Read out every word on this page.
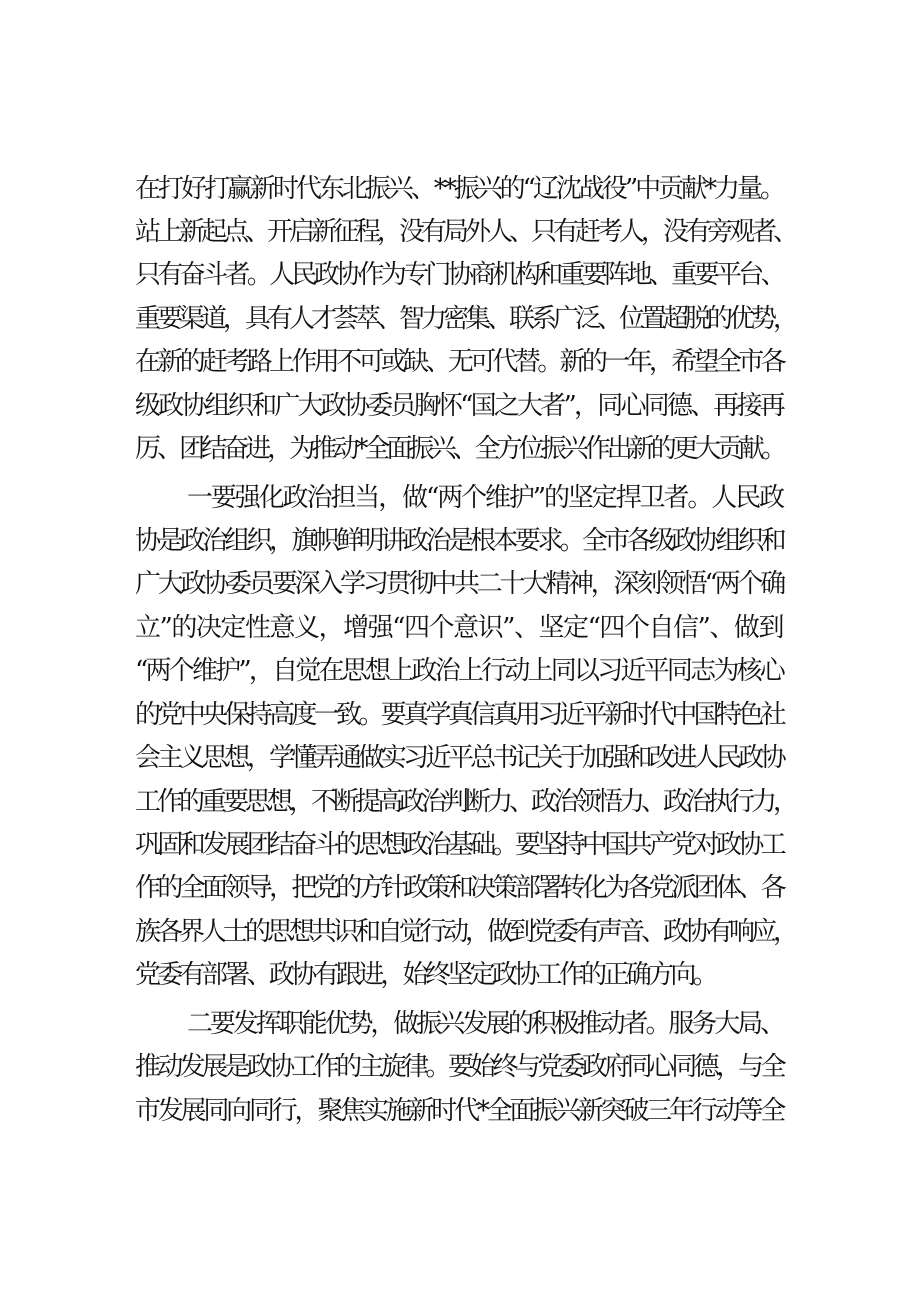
在打好打赢新时代东北振兴、**振兴的“辽沈战役”中贡献*力量。
站上新起点、开启新征程，没有局外人、只有赶考人，没有旁观者、
只有奋斗者。人民政协作为专门协商机构和重要阵地、重要平台、
重要渠道，具有人才荟萃、智力密集、联系广泛、位置超脱的优势，
在新的赶考路上作用不可或缺、无可代替。新的一年，希望全市各
级政协组织和广大政协委员胸怀“国之大者”，同心同德、再接再
厉、团结奋进，为推动*全面振兴、全方位振兴作出新的更大贡献。
一要强化政治担当，做“两个维护”的坚定捍卫者。人民政
协是政治组织，旗帜鲜明讲政治是根本要求。全市各级政协组织和
广大政协委员要深入学习贯彻中共二十大精神，深刻领悟“两个确
立”的决定性意义，增强“四个意识”、坚定“四个自信”、做到
“两个维护”，自觉在思想上政治上行动上同以习近平同志为核心
的党中央保持高度一致。要真学真信真用习近平新时代中国特色社
会主义思想，学懂弄通做实习近平总书记关于加强和改进人民政协
工作的重要思想，不断提高政治判断力、政治领悟力、政治执行力，
巩固和发展团结奋斗的思想政治基础。要坚持中国共产党对政协工
作的全面领导，把党的方针政策和决策部署转化为各党派团体、各
族各界人士的思想共识和自觉行动，做到党委有声音、政协有响应，
党委有部署、政协有跟进，始终坚定政协工作的正确方向。
二要发挥职能优势，做振兴发展的积极推动者。服务大局、
推动发展是政协工作的主旋律。要始终与党委政府同心同德，与全
市发展同向同行，聚焦实施新时代*全面振兴新突破三年行动等全
